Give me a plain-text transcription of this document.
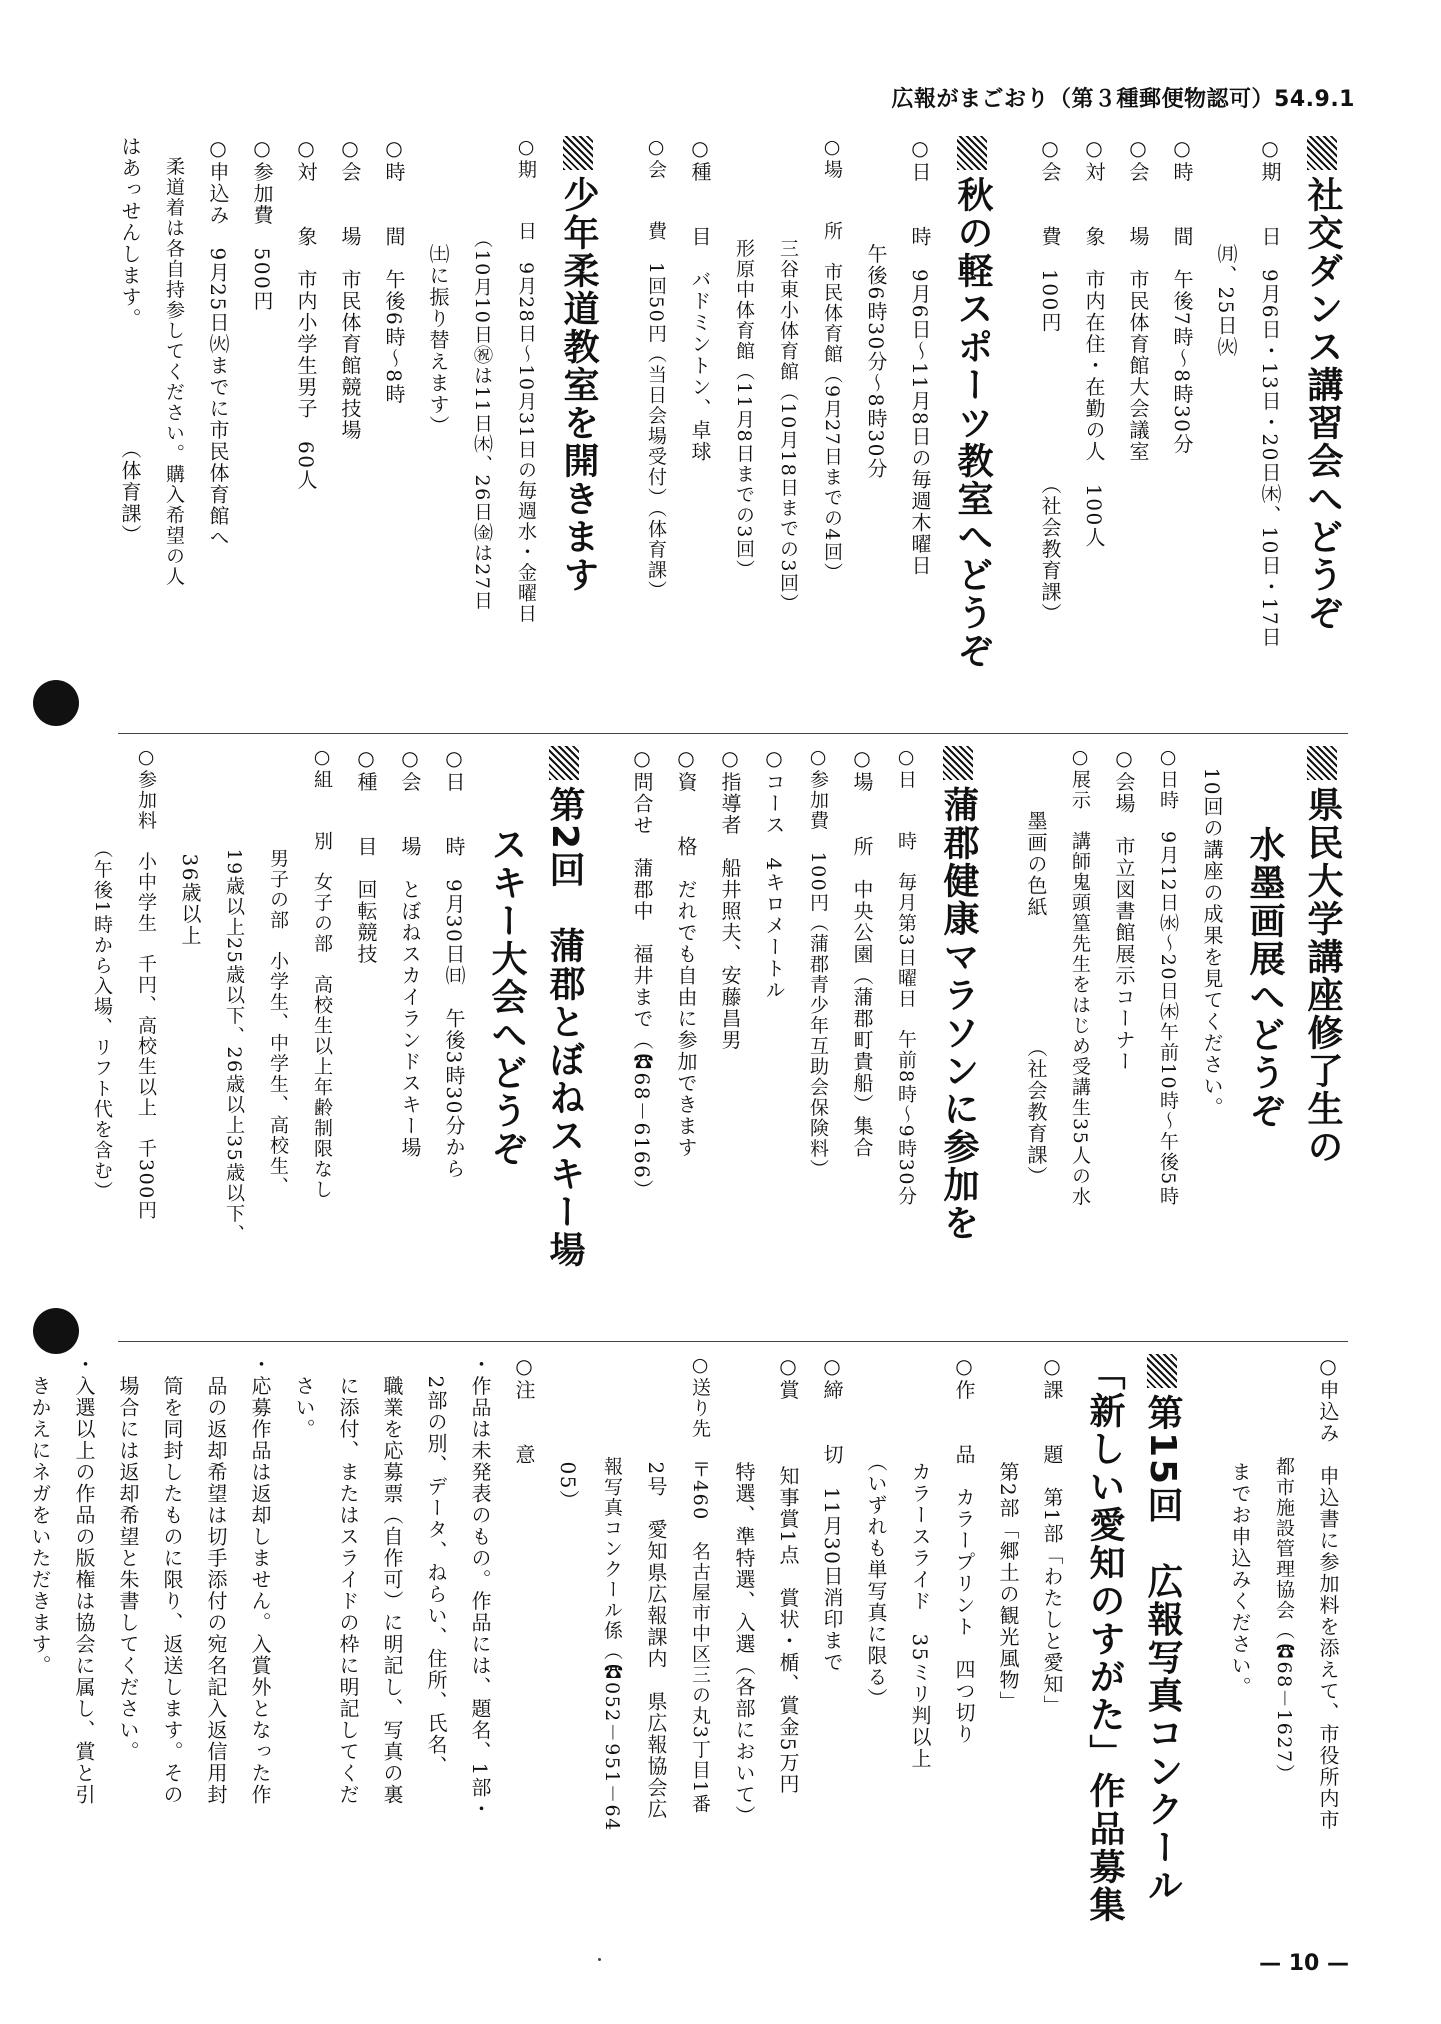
広報がまごおり（第３種郵便物認可）54.9.1
社交ダンス講習会へどうぞ
○期　　日　9月6日・13日・20日㈭、10日・17日
　　　　　㈪、25日㈫
○時　　間　午後7時～8時30分
○会　　場　市民体育館大会議室
○対　　象　市内在住・在勤の人　100人
○会　　費　100円　　　　　　　（社会教育課）
秋の軽スポーツ教室へどうぞ
○日　　時　9月6日～11月8日の毎週木曜日
　　　　　午後6時30分～8時30分
○場　　所　市民体育館（9月27日までの4回）
　　　　　三谷東小体育館（10月18日までの3回）
　　　　　形原中体育館（11月8日までの3回）
○種　　目　バドミントン、卓球
○会　　費　1回50円（当日会場受付）（体育課）
少年柔道教室を開きます
○期　　日　9月28日～10月31日の毎週水・金曜日
　　　　　（10月10日㊗は11日㈭、26日㈮は27日
　　　　　㈯に振り替えます）
○時　　間　午後6時～8時
○会　　場　市民体育館競技場
○対　　象　市内小学生男子　60人
○参加費　500円
○申込み　9月25日㈫までに市民体育館へ
　柔道着は各自持参してください。購入希望の人
はあっせんします。　　　　　　（体育課）
県民大学講座修了生の
水墨画展へどうぞ
　10回の講座の成果を見てください。
○日時　9月12日㈬～20日㈭午前10時～午後5時
○会場　市立図書館展示コーナー
○展示　講師鬼頭篁先生をはじめ受講生35人の水
　　　墨画の色紙　　　　　　（社会教育課）
蒲郡健康マラソンに参加を
○日　　時　毎月第3日曜日　午前8時～9時30分
○場　　所　中央公園（蒲郡町貴船）集合
○参加費　100円（蒲郡青少年互助会保険料）
○コース　4キロメートル
○指導者　船井照夫、安藤昌男
○資　　格　だれでも自由に参加できます
○問合せ　蒲郡中　福井まで（☎68－6166）
第2回　蒲郡とぼねスキー場
スキー大会へどうぞ
○日　　時　9月30日㈰　午後3時30分から
○会　　場　とぼねスカイランドスキー場
○種　　目　回転競技
○組　　別　女子の部　高校生以上年齢制限なし
　　　　　男子の部　小学生、中学生、高校生、
　　　　　19歳以上25歳以下、26歳以上35歳以下、
　　　　　36歳以上
○参加料　小中学生　千円、高校生以上　千300円
　　　　　（午後1時から入場、リフト代を含む）
○申込み　申込書に参加料を添えて、市役所内市
　　　　　都市施設管理協会（☎68－1627）
　　　　　までお申込みください。
第15回　広報写真コンクール
「新しい愛知のすがた」作品募集
○課　　題　第1部「わたしと愛知」
　　　　　第2部「郷土の観光風物」
○作　　品　カラープリント　四つ切り
　　　　　カラースライド　35ミリ判以上
　　　　　（いずれも単写真に限る）
○締　　切　11月30日消印まで
○賞　　　知事賞1点　賞状・楯、賞金5万円
　　　　　特選、準特選、入選（各部において）
○送り先　〒460　名古屋市中区三の丸3丁目1番
　　　　　2号　愛知県広報課内　県広報協会広
　　　　　報写真コンクール係（☎052－951－64
　　　　　05）
○注　　意
・作品は未発表のもの。作品には、題名、1部・
　2部の別、データ、ねらい、住所、氏名、
　職業を応募票（自作可）に明記し、写真の裏
　に添付、またはスライドの枠に明記してくだ
　さい。
・応募作品は返却しません。入賞外となった作
　品の返却希望は切手添付の宛名記入返信用封
　筒を同封したものに限り、返送します。その
　場合には返却希望と朱書してください。
・入選以上の作品の版権は協会に属し、賞と引
　きかえにネガをいただきます。
— 10 —
